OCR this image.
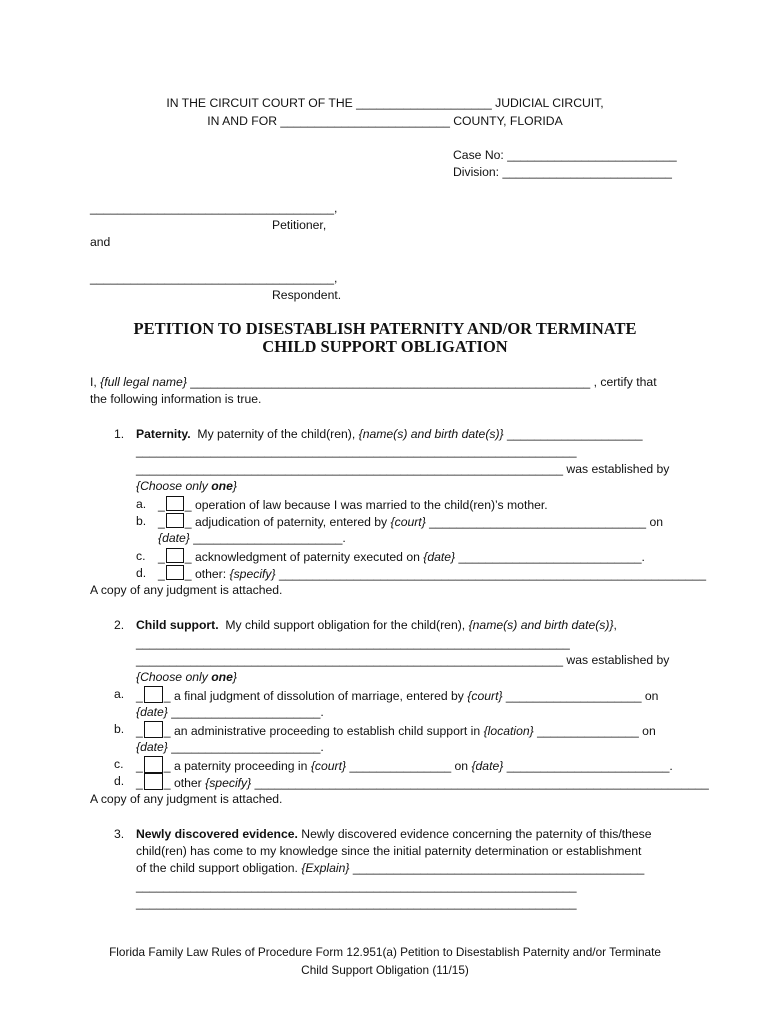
IN THE CIRCUIT COURT OF THE ____________________ JUDICIAL CIRCUIT,
IN AND FOR _________________________ COUNTY, FLORIDA
Case No: _________________________
Division: _________________________
____________________________________,
Petitioner,
and
____________________________________,
Respondent.
PETITION TO DISESTABLISH PATERNITY AND/OR TERMINATE
CHILD SUPPORT OBLIGATION
I, {full legal name} ___________________________________________________________ , certify that
the following information is true.
1. Paternity.  My paternity of the child(ren), {name(s) and birth date(s)} ____________________
_________________________________________________________________
_______________________________________________________________ was established by
{Choose only one}
a. _ _ operation of law because I was married to the child(ren)’s mother.
b. _ _ adjudication of paternity, entered by {court} ________________________________ on
{date} ______________________.
c. _ _ acknowledgment of paternity executed on {date} ___________________________.
d. _ _ other: {specify} _______________________________________________________________
A copy of any judgment is attached.
2. Child support.  My child support obligation for the child(ren), {name(s) and birth date(s)},
________________________________________________________________
_______________________________________________________________ was established by
{Choose only one}
a. _ _ a final judgment of dissolution of marriage, entered by {court} ____________________ on
{date} ______________________.
b. _ _ an administrative proceeding to establish child support in {location} _______________ on
{date} ______________________.
c. _ _ a paternity proceeding in {court} _______________ on {date} ________________________.
d. _ _ other {specify} ___________________________________________________________________
A copy of any judgment is attached.
3. Newly discovered evidence. Newly discovered evidence concerning the paternity of this/these
child(ren) has come to my knowledge since the initial paternity determination or establishment
of the child support obligation. {Explain} ___________________________________________
_________________________________________________________________
_________________________________________________________________
Florida Family Law Rules of Procedure Form 12.951(a) Petition to Disestablish Paternity and/or Terminate
Child Support Obligation (11/15)
